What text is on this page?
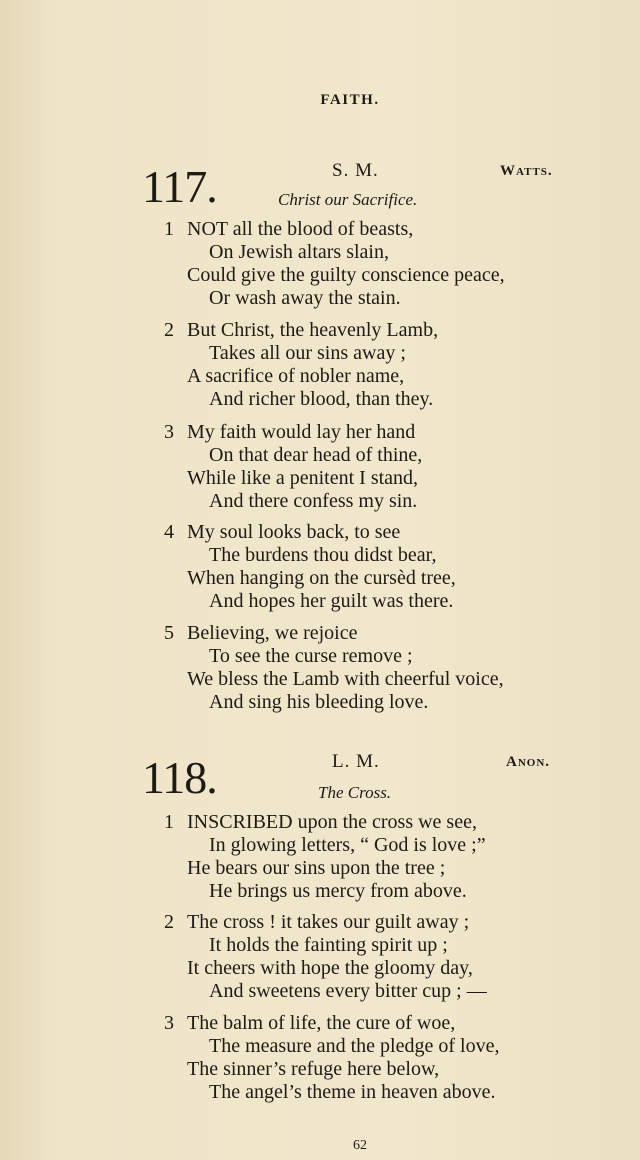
FAITH.
117.	S. M.	Watts.
Christ our Sacrifice.
1 NOT all the blood of beasts,
On Jewish altars slain,
Could give the guilty conscience peace,
Or wash away the stain.
2 But Christ, the heavenly Lamb,
Takes all our sins away ;
A sacrifice of nobler name,
And richer blood, than they.
3 My faith would lay her hand
On that dear head of thine,
While like a penitent I stand,
And there confess my sin.
4 My soul looks back, to see
The burdens thou didst bear,
When hanging on the cursèd tree,
And hopes her guilt was there.
5 Believing, we rejoice
To see the curse remove ;
We bless the Lamb with cheerful voice,
And sing his bleeding love.
118.	L. M.	Anon.
The Cross.
1 INSCRIBED upon the cross we see,
In glowing letters, “ God is love ;”
He bears our sins upon the tree ;
He brings us mercy from above.
2 The cross ! it takes our guilt away ;
It holds the fainting spirit up ;
It cheers with hope the gloomy day,
And sweetens every bitter cup ; —
3 The balm of life, the cure of woe,
The measure and the pledge of love,
The sinner’s refuge here below,
The angel’s theme in heaven above.
62
